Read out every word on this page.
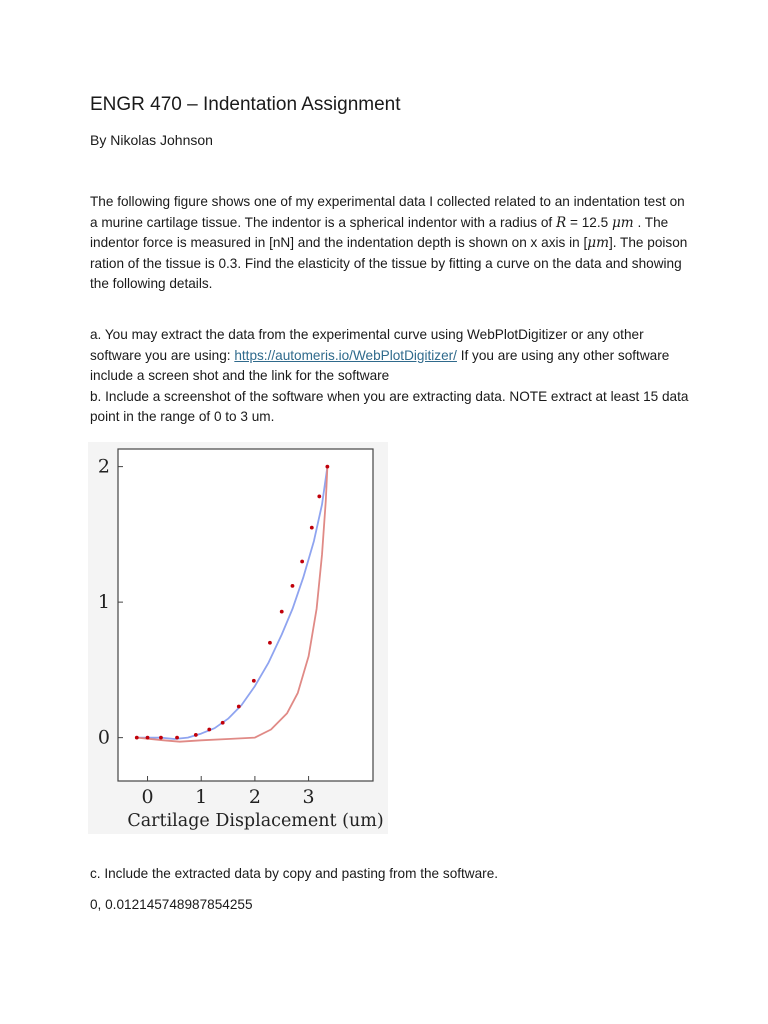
ENGR 470 – Indentation Assignment
By Nikolas Johnson

The following figure shows one of my experimental data I collected related to an indentation test on a murine cartilage tissue. The indentor is a spherical indentor with a radius of R = 12.5 μm . The indentor force is measured in [nN] and the indentation depth is shown on x axis in [μm]. The poison ration of the tissue is 0.3. Find the elasticity of the tissue by fitting a curve on the data and showing the following details.

a. You may extract the data from the experimental curve using WebPlotDigitizer or any other software you are using: https://automeris.io/WebPlotDigitizer/ If you are using any other software include a screen shot and the link for the software
b. Include a screenshot of the software when you are extracting data. NOTE extract at least 15 data point in the range of 0 to 3 um.

0
1
2
0 1 2 3
Cartilage Displacement (um)
c. Include the extracted data by copy and pasting from the software.
0, 0.012145748987854255
